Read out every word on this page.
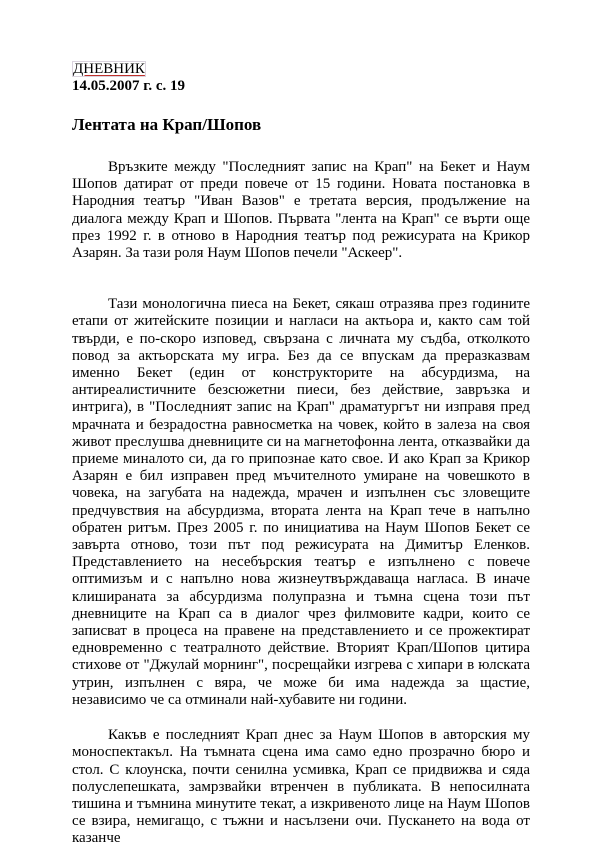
ДНЕВНИК
14.05.2007 г. с. 19
Лентата на Крап/Шопов

Връзките между "Последният запис на Крап" на Бекет и Наум Шопов датират от преди повече от 15 години. Новата постановка в Народния театър "Иван Вазов" е третата версия, продължение на диалога между Крап и Шопов. Първата "лента на Крап" се върти още през 1992 г. в отново в Народния театър под режисурата на Крикор Азарян. За тази роля Наум Шопов печели "Аскеер".

Тази монологична пиеса на Бекет, сякаш отразява през годините етапи от житейските позиции и нагласи на актьора и, както сам той твърди, е по-скоро изповед, свързана с личната му съдба, отколкото повод за актьорската му игра. Без да се впускам да преразказвам именно Бекет (един от конструкторите на абсурдизма, на антиреалистичните безсюжетни пиеси, без действие, завръзка и интрига), в "Последният запис на Крап" драматургът ни изправя пред мрачната и безрадостна равносметка на човек, който в залеза на своя живот преслушва дневниците си на магнетофонна лента, отказвайки да приеме миналото си, да го припознае като свое. И ако Крап за Крикор Азарян е бил изправен пред мъчителното умиране на човешкото в човека, на загубата на надежда, мрачен и изпълнен със зловещите предчувствия на абсурдизма, втората лента на Крап тече в напълно обратен ритъм. През 2005 г. по инициатива на Наум Шопов Бекет се завърта отново, този път под режисурата на Димитър Еленков. Представлението на несебърския театър е изпълнено с повече оптимизъм и с напълно нова жизнеутвърждаваща нагласа. В иначе клишираната за абсурдизма полупразна и тъмна сцена този път дневниците на Крап са в диалог чрез филмовите кадри, които се записват в процеса на правене на представлението и се прожектират едновременно с театралното действие. Вторият Крап/Шопов цитира стихове от "Джулай морнинг", посрещайки изгрева с хипари в юлската утрин, изпълнен с вяра, че може би има надежда за щастие, независимо че са отминали най-хубавите ни години.

Какъв е последният Крап днес за Наум Шопов в авторския му моноспектакъл. На тъмната сцена има само едно прозрачно бюро и стол. С клоунска, почти сенилна усмивка, Крап се придвижва и сяда полуслепешката, замрзвайки втренчен в публиката. В непосилната тишина и тъмнина минутите текат, а изкривеното лице на Наум Шопов се взира, немигащо, с тъжни и насълзени очи. Пускането на вода от казанче
